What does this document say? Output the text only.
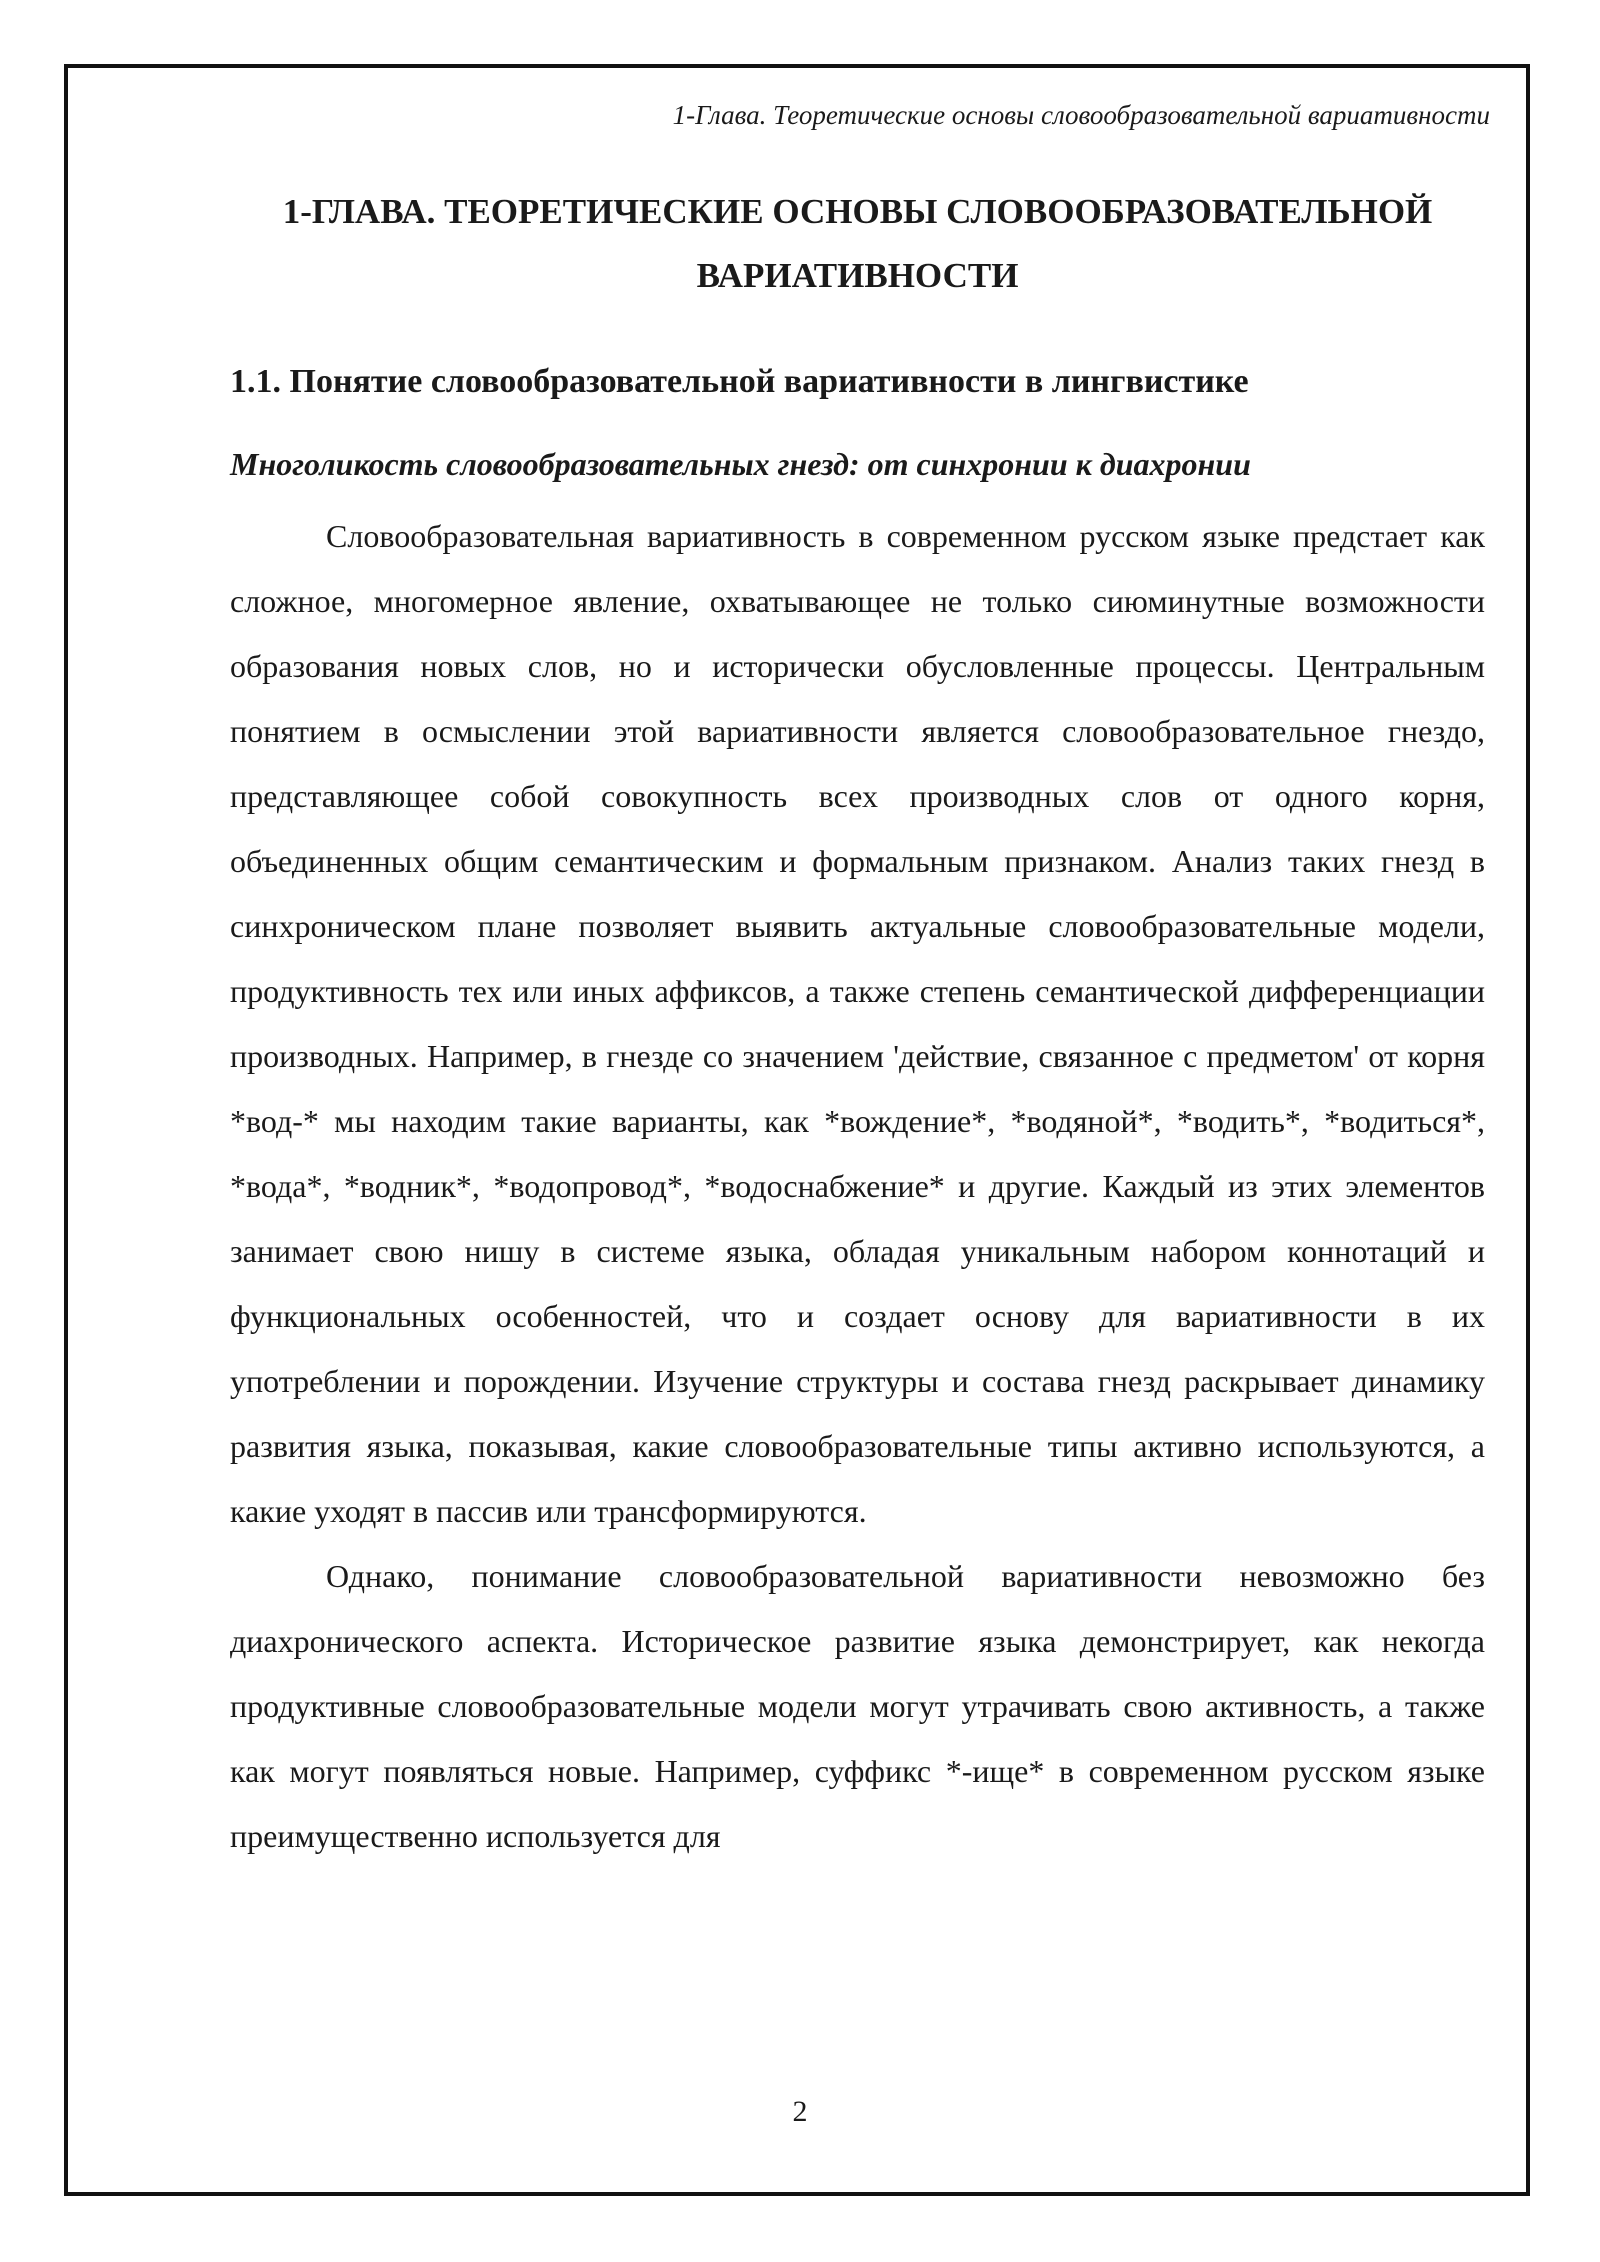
1-Глава. Теоретические основы словообразовательной вариативности
1-ГЛАВА. ТЕОРЕТИЧЕСКИЕ ОСНОВЫ СЛОВООБРАЗОВАТЕЛЬНОЙ ВАРИАТИВНОСТИ
1.1. Понятие словообразовательной вариативности в лингвистике
Многоликость словообразовательных гнезд: от синхронии к диахронии

Словообразовательная вариативность в современном русском языке предстает как сложное, многомерное явление, охватывающее не только сиюминутные возможности образования новых слов, но и исторически обусловленные процессы. Центральным понятием в осмыслении этой вариативности является словообразовательное гнездо, представляющее собой совокупность всех производных слов от одного корня, объединенных общим семантическим и формальным признаком. Анализ таких гнезд в синхроническом плане позволяет выявить актуальные словообразовательные модели, продуктивность тех или иных аффиксов, а также степень семантической дифференциации производных. Например, в гнезде со значением 'действие, связанное с предметом' от корня *вод-* мы находим такие варианты, как *вождение*, *водяной*, *водить*, *водиться*, *вода*, *водник*, *водопровод*, *водоснабжение* и другие. Каждый из этих элементов занимает свою нишу в системе языка, обладая уникальным набором коннотаций и функциональных особенностей, что и создает основу для вариативности в их употреблении и порождении. Изучение структуры и состава гнезд раскрывает динамику развития языка, показывая, какие словообразовательные типы активно используются, а какие уходят в пассив или трансформируются.

Однако, понимание словообразовательной вариативности невозможно без диахронического аспекта. Историческое развитие языка демонстрирует, как некогда продуктивные словообразовательные модели могут утрачивать свою активность, а также как могут появляться новые. Например, суффикс *-ище* в современном русском языке преимущественно используется для

2
